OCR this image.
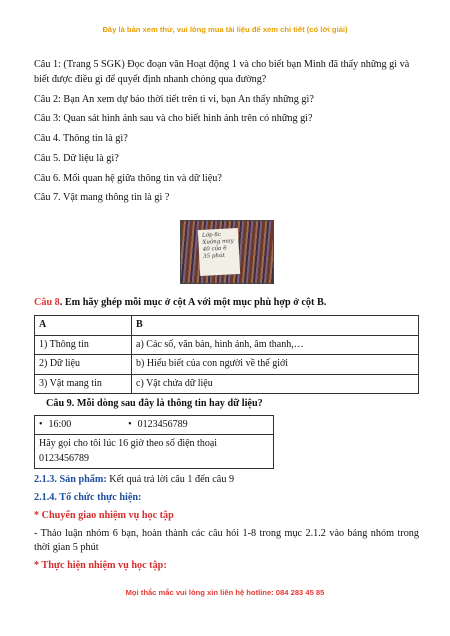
Đây là bản xem thử, vui lòng mua tài liệu để xem chi tiết (có lời giải)

Câu 1: (Trang 5 SGK) Đọc đoạn văn Hoạt động 1 và cho biết bạn Minh đã thấy những gì và biết được điều gì để quyết định nhanh chóng qua đường?

Câu 2: Bạn An xem dự báo thời tiết trên ti vi, bạn An thấy những gì?

Câu 3: Quan sát hình ảnh sau và cho biết hình ảnh trên có những gì?

Câu 4. Thông tin là gì?

Câu 5. Dữ liệu là gì?

Câu 6. Mối quan hệ giữa thông tin và dữ liệu?

Câu 7. Vật mang thông tin là gì ?

Lớp 6c
Xưởng may
40 cửa 6
35 phút

Câu 8. Em hãy ghép mỗi mục ở cột A với một mục phù hợp ở cột B.

A	B
1) Thông tin	a) Các số, văn bản, hình ảnh, âm thanh,…
2) Dữ liệu	b) Hiểu biết của con người về thế giới
3) Vật mang tin	c) Vật chứa dữ liệu

Câu 9. Mỗi dòng sau đây là thông tin hay dữ liệu?

• 16:00	•0123456789
Hãy gọi cho tôi lúc 16 giờ theo số điện thoại 0123456789

2.1.3. Sản phẩm: Kết quả trả lời câu 1 đến câu 9

2.1.4. Tổ chức thực hiện:

* Chuyển giao nhiệm vụ học tập

- Thảo luận nhóm 6 bạn, hoàn thành các câu hỏi 1-8 trong mục 2.1.2 vào bảng nhóm trong thời gian 5 phút

* Thực hiện nhiệm vụ học tập:

Mọi thắc mắc vui lòng xin liên hệ hotline: 084 283 45 85
